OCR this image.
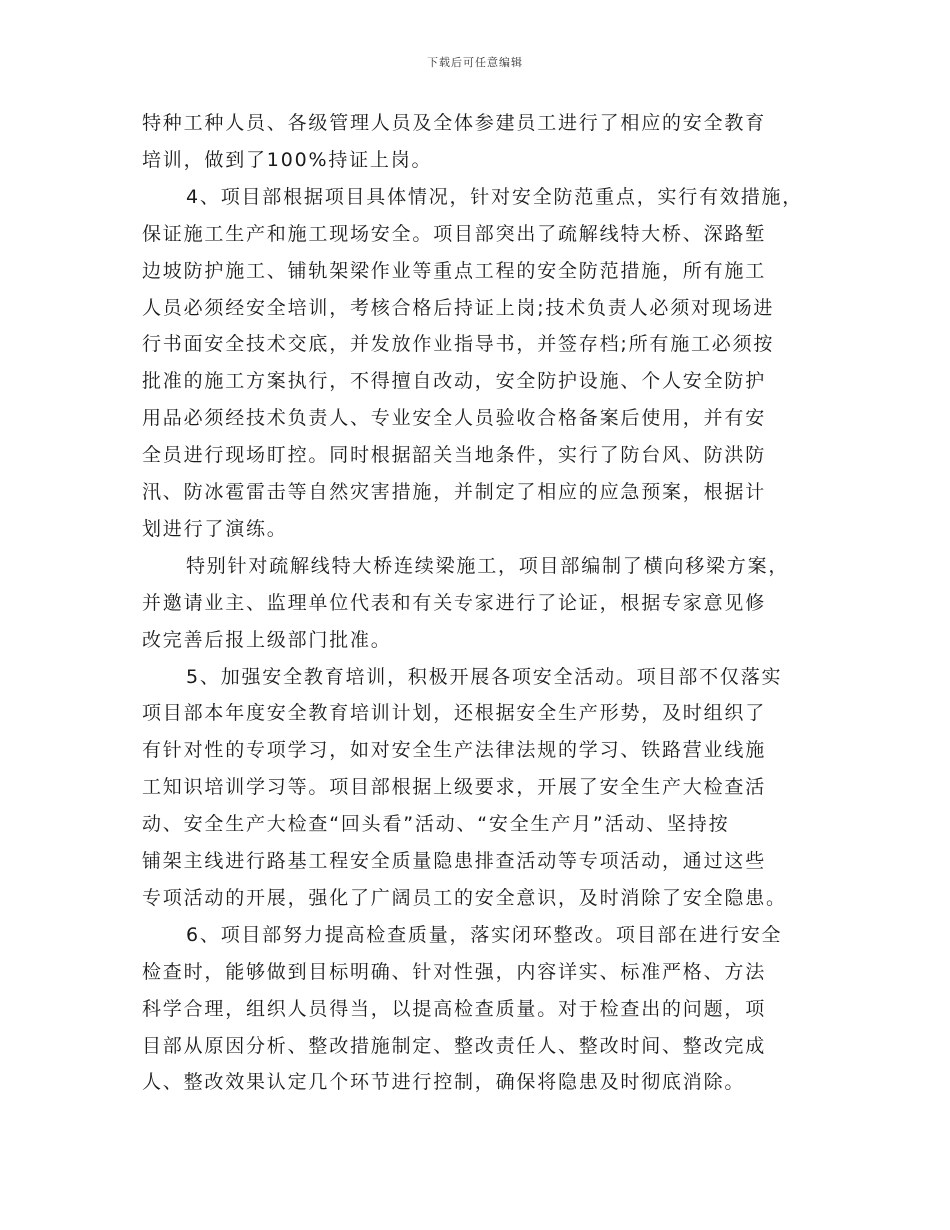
下载后可任意编辑
特种工种人员、各级管理人员及全体参建员工进行了相应的安全教育
培训，做到了100%持证上岗。
4、项目部根据项目具体情况，针对安全防范重点，实行有效措施，
保证施工生产和施工现场安全。项目部突出了疏解线特大桥、深路堑
边坡防护施工、铺轨架梁作业等重点工程的安全防范措施，所有施工
人员必须经安全培训，考核合格后持证上岗;技术负责人必须对现场进
行书面安全技术交底，并发放作业指导书，并签存档;所有施工必须按
批准的施工方案执行，不得擅自改动，安全防护设施、个人安全防护
用品必须经技术负责人、专业安全人员验收合格备案后使用，并有安
全员进行现场盯控。同时根据韶关当地条件，实行了防台风、防洪防
汛、防冰雹雷击等自然灾害措施，并制定了相应的应急预案，根据计
划进行了演练。
特别针对疏解线特大桥连续梁施工，项目部编制了横向移梁方案，
并邀请业主、监理单位代表和有关专家进行了论证，根据专家意见修
改完善后报上级部门批准。
5、加强安全教育培训，积极开展各项安全活动。项目部不仅落实
项目部本年度安全教育培训计划，还根据安全生产形势，及时组织了
有针对性的专项学习，如对安全生产法律法规的学习、铁路营业线施
工知识培训学习等。项目部根据上级要求，开展了安全生产大检查活
动、安全生产大检查“回头看”活动、“安全生产月”活动、坚持按
铺架主线进行路基工程安全质量隐患排查活动等专项活动，通过这些
专项活动的开展，强化了广阔员工的安全意识，及时消除了安全隐患。
6、项目部努力提高检查质量，落实闭环整改。项目部在进行安全
检查时，能够做到目标明确、针对性强，内容详实、标准严格、方法
科学合理，组织人员得当，以提高检查质量。对于检查出的问题，项
目部从原因分析、整改措施制定、整改责任人、整改时间、整改完成
人、整改效果认定几个环节进行控制，确保将隐患及时彻底消除。
